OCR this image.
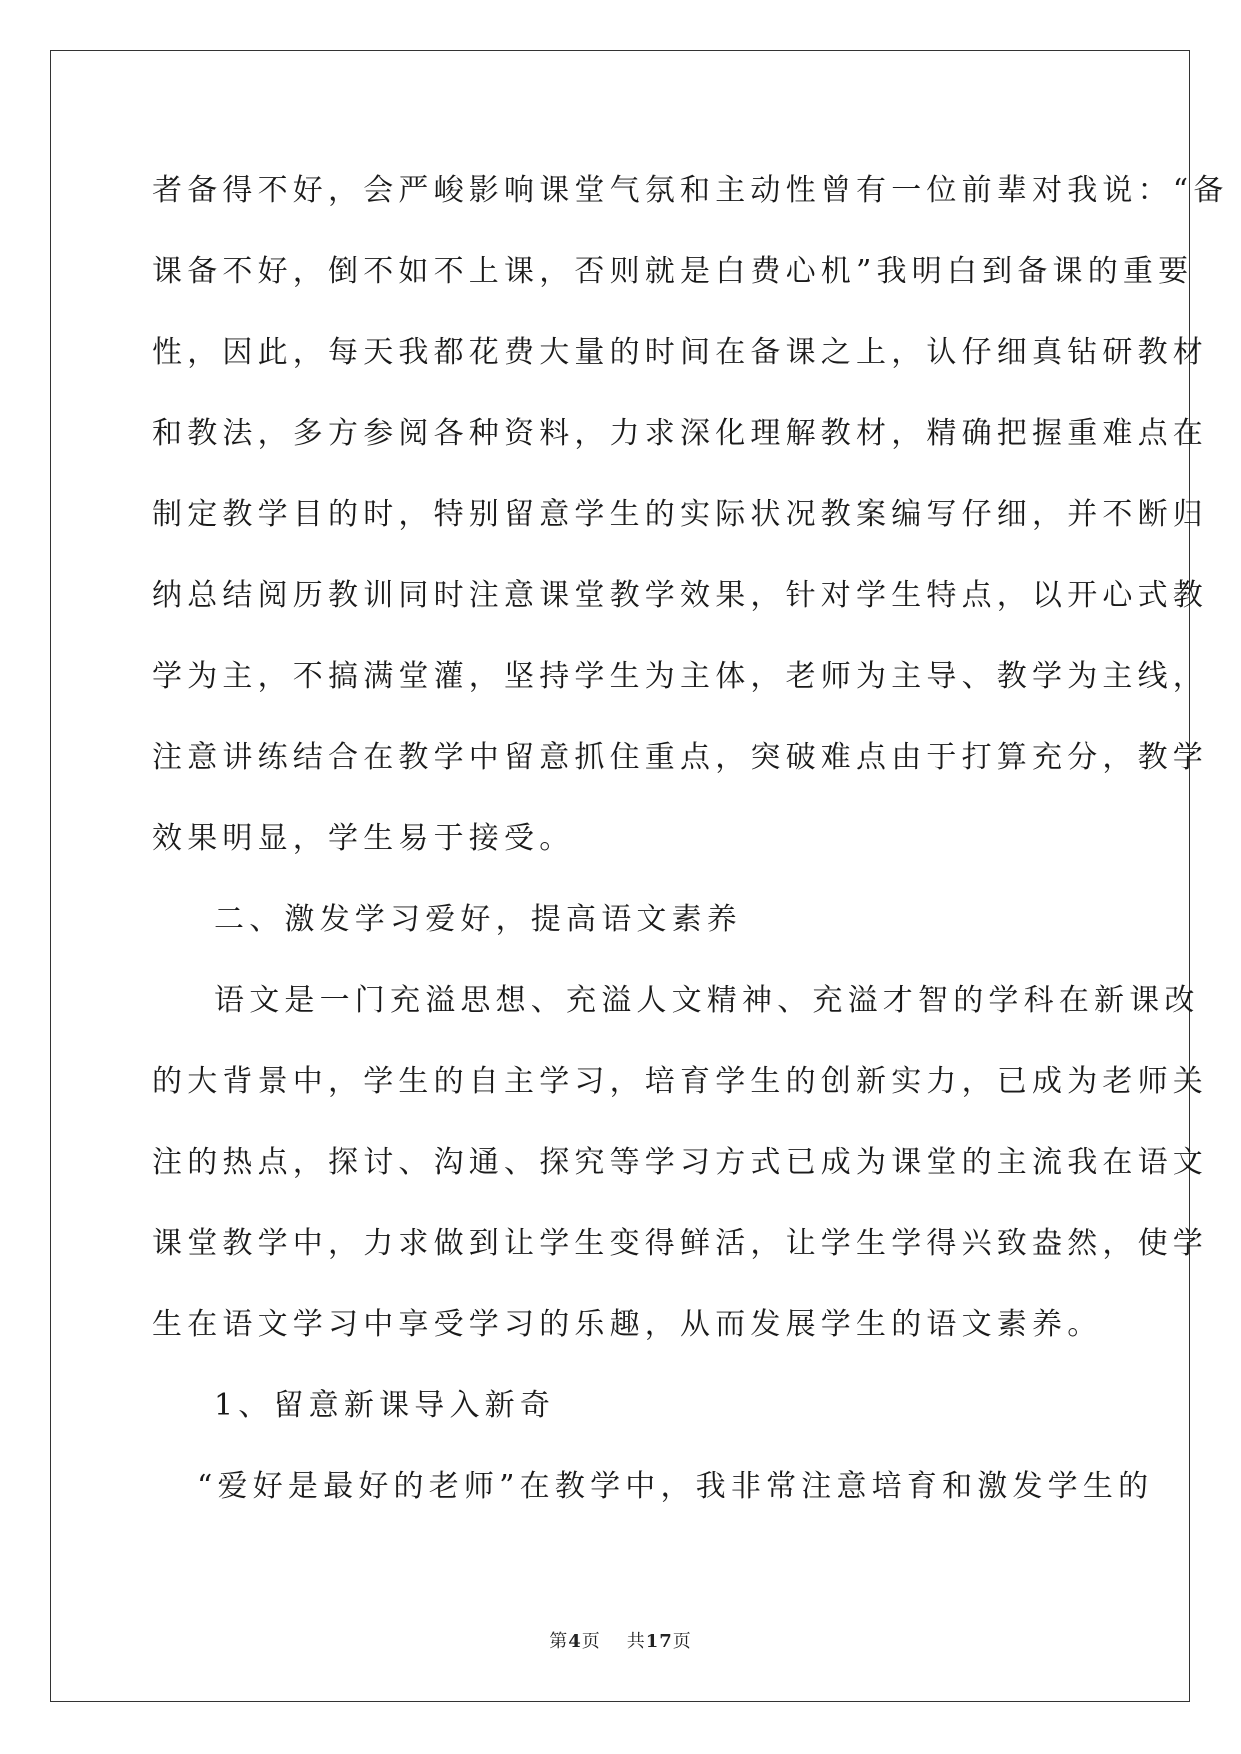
者备得不好，会严峻影响课堂气氛和主动性曾有一位前辈对我说：“备
课备不好，倒不如不上课，否则就是白费心机”我明白到备课的重要
性，因此，每天我都花费大量的时间在备课之上，认仔细真钻研教材
和教法，多方参阅各种资料，力求深化理解教材，精确把握重难点在
制定教学目的时，特别留意学生的实际状况教案编写仔细，并不断归
纳总结阅历教训同时注意课堂教学效果，针对学生特点，以开心式教
学为主，不搞满堂灌，坚持学生为主体，老师为主导、教学为主线，
注意讲练结合在教学中留意抓住重点，突破难点由于打算充分，教学
效果明显，学生易于接受。
二、激发学习爱好，提高语文素养
语文是一门充溢思想、充溢人文精神、充溢才智的学科在新课改
的大背景中，学生的自主学习，培育学生的创新实力，已成为老师关
注的热点，探讨、沟通、探究等学习方式已成为课堂的主流我在语文
课堂教学中，力求做到让学生变得鲜活，让学生学得兴致盎然，使学
生在语文学习中享受学习的乐趣，从而发展学生的语文素养。
1、留意新课导入新奇
“爱好是最好的老师”在教学中，我非常注意培育和激发学生的
第4页 共17页
